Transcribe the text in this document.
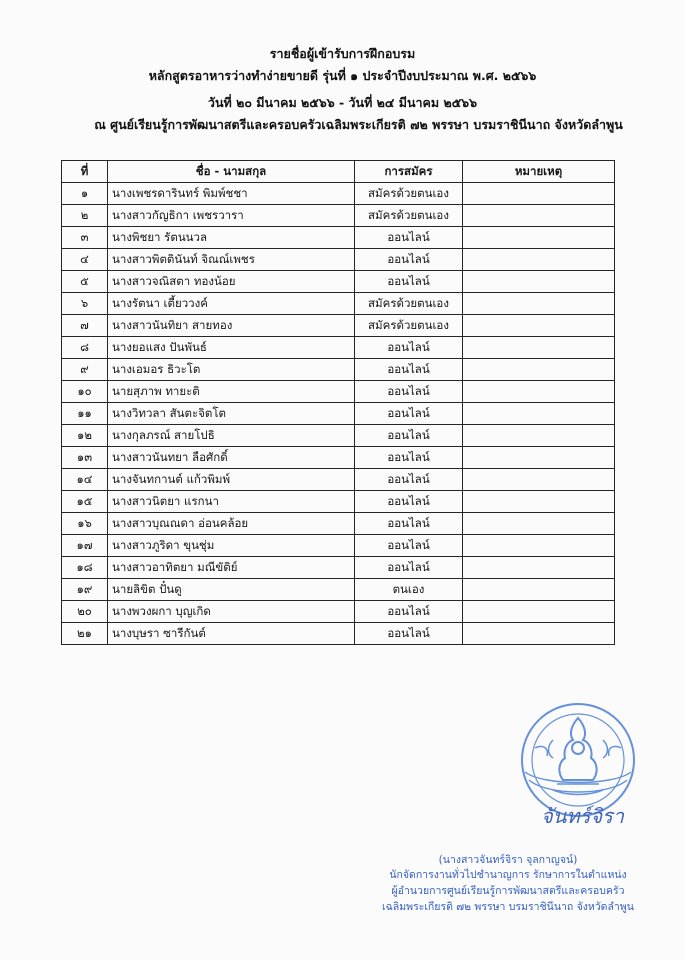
รายชื่อผู้เข้ารับการฝึกอบรม
หลักสูตรอาหารว่างทำง่ายขายดี รุ่นที่ ๑ ประจำปีงบประมาณ พ.ศ. ๒๕๖๖
วันที่ ๒๐ มีนาคม ๒๕๖๖ - วันที่ ๒๔ มีนาคม ๒๕๖๖
ณ ศูนย์เรียนรู้การพัฒนาสตรีและครอบครัวเฉลิมพระเกียรติ ๗๒ พรรษา บรมราชินีนาถ จังหวัดลำพูน
ที่	ชื่อ - นามสกุล	การสมัคร	หมายเหตุ
๑	นางเพชรดารินทร์ พิมพ์ชชา	สมัครด้วยตนเอง	
๒	นางสาวกัญธิกา เพชรวารา	สมัครด้วยตนเอง	
๓	นางพิชยา รัตนนวล	ออนไลน์	
๔	นางสาวพิตตินันท์ จิณณ์เพชร	ออนไลน์	
๕	นางสาวจณิสตา ทองน้อย	ออนไลน์	
๖	นางรัตนา เตี้ยววงค์	สมัครด้วยตนเอง	
๗	นางสาวนันทิยา สายทอง	สมัครด้วยตนเอง	
๘	นางยอแสง ปันพันธ์	ออนไลน์	
๙	นางเอมอร ธิวะโต	ออนไลน์	
๑๐	นายสุภาพ ทายะติ	ออนไลน์	
๑๑	นางวิทวลา สันตะจิตโต	ออนไลน์	
๑๒	นางกุลภรณ์ สายโปธิ	ออนไลน์	
๑๓	นางสาวนันทยา ลือศักดิ์	ออนไลน์	
๑๔	นางจันทกานต์ แก้วพิมพ์	ออนไลน์	
๑๕	นางสาวนิตยา แรกนา	ออนไลน์	
๑๖	นางสาวบุณณดา อ่อนคล้อย	ออนไลน์	
๑๗	นางสาวภูริดา ขุนชุ่ม	ออนไลน์	
๑๘	นางสาวอาทิตยา มณีขัติย์	ออนไลน์	
๑๙	นายลิขิต ปั๋นดู	ตนเอง	
๒๐	นางพวงผกา บุญเกิด	ออนไลน์	
๒๑	นางบุษรา ซารีกันต์	ออนไลน์	
จันทร์จิรา
(นางสาวจันทร์จิรา จุลกาญจน์)
นักจัดการงานทั่วไปชำนาญการ รักษาการในตำแหน่ง
ผู้อำนวยการศูนย์เรียนรู้การพัฒนาสตรีและครอบครัว
เฉลิมพระเกียรติ ๗๒ พรรษา บรมราชินีนาถ จังหวัดลำพูน
